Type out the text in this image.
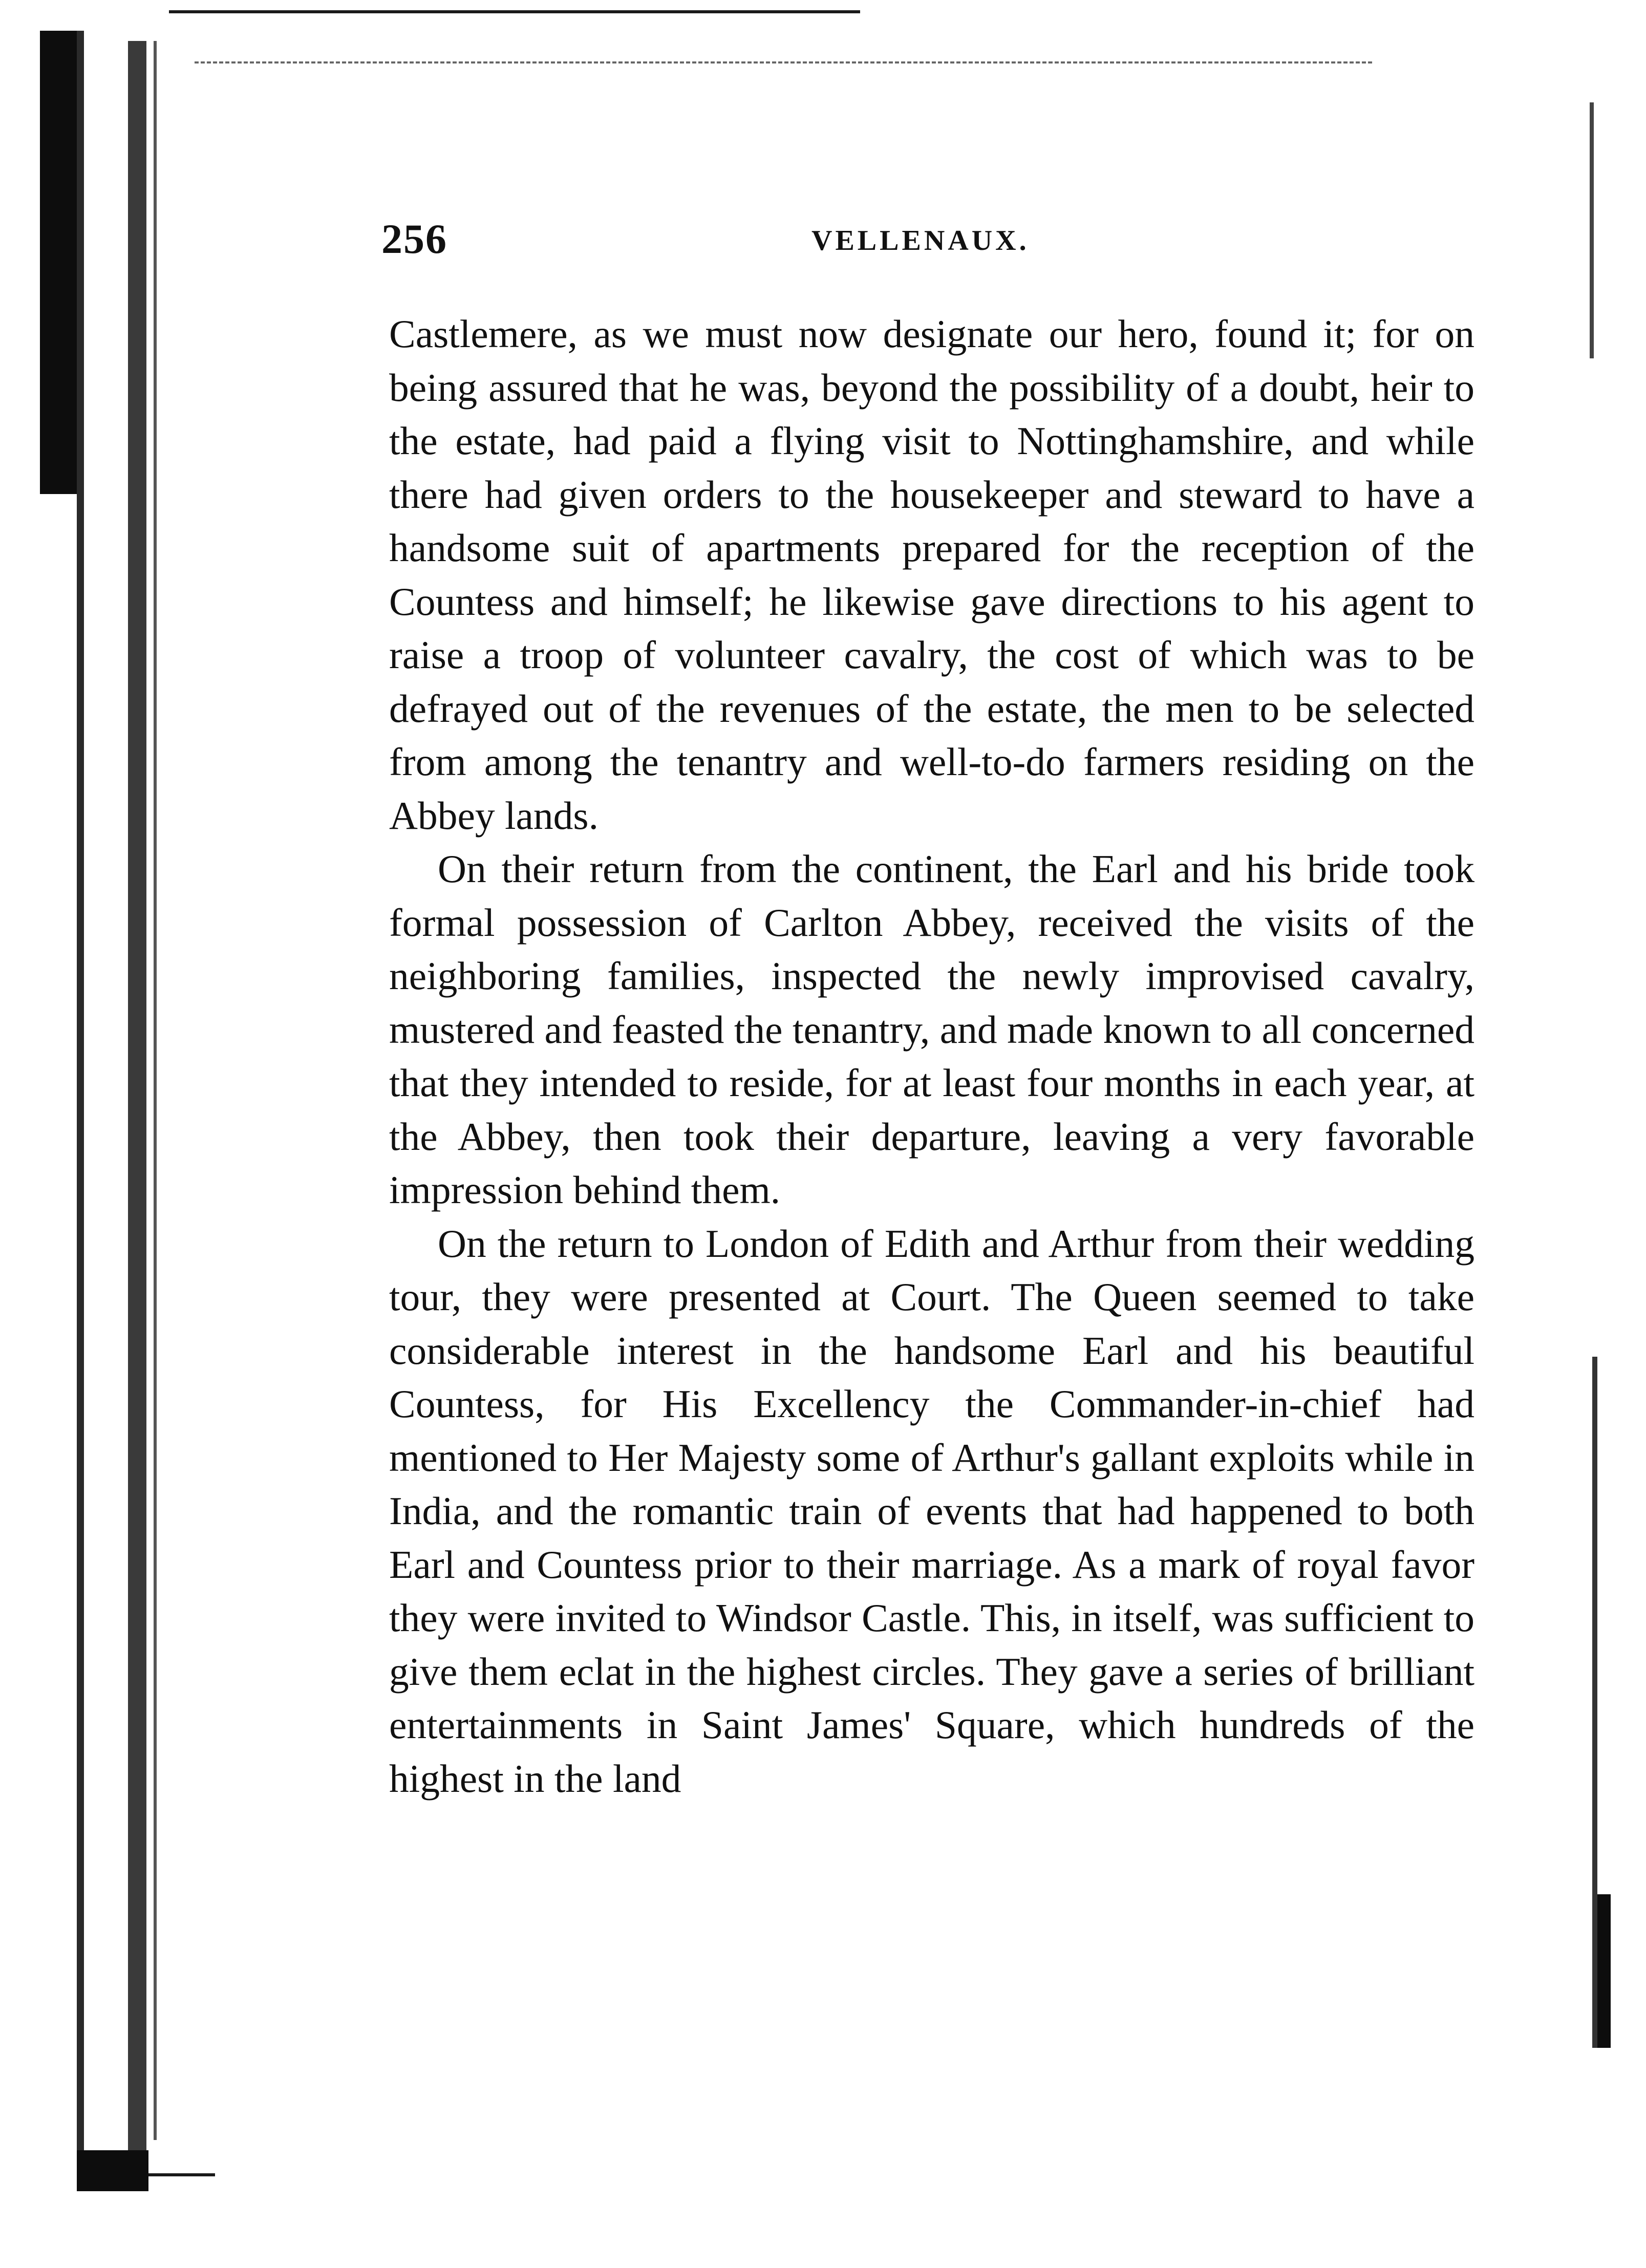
256	VELLENAUX.

Castlemere, as we must now designate our hero, found it; for on being assured that he was, beyond the possibility of a doubt, heir to the estate, had paid a flying visit to Nottinghamshire, and while there had given orders to the housekeeper and steward to have a handsome suit of apartments prepared for the reception of the Countess and himself; he likewise gave directions to his agent to raise a troop of volunteer cavalry, the cost of which was to be defrayed out of the revenues of the estate, the men to be selected from among the tenantry and well-to-do farmers residing on the Abbey lands.

On their return from the continent, the Earl and his bride took formal possession of Carlton Abbey, received the visits of the neighboring families, inspected the newly improvised cavalry, mustered and feasted the tenantry, and made known to all concerned that they intended to reside, for at least four months in each year, at the Abbey, then took their departure, leaving a very favorable impression behind them.

On the return to London of Edith and Arthur from their wedding tour, they were presented at Court. The Queen seemed to take considerable interest in the handsome Earl and his beautiful Countess, for His Excellency the Commander-in-chief had mentioned to Her Majesty some of Arthur's gallant exploits while in India, and the romantic train of events that had happened to both Earl and Countess prior to their marriage. As a mark of royal favor they were invited to Windsor Castle. This, in itself, was sufficient to give them eclat in the highest circles. They gave a series of brilliant entertainments in Saint James' Square, which hundreds of the highest in the land
